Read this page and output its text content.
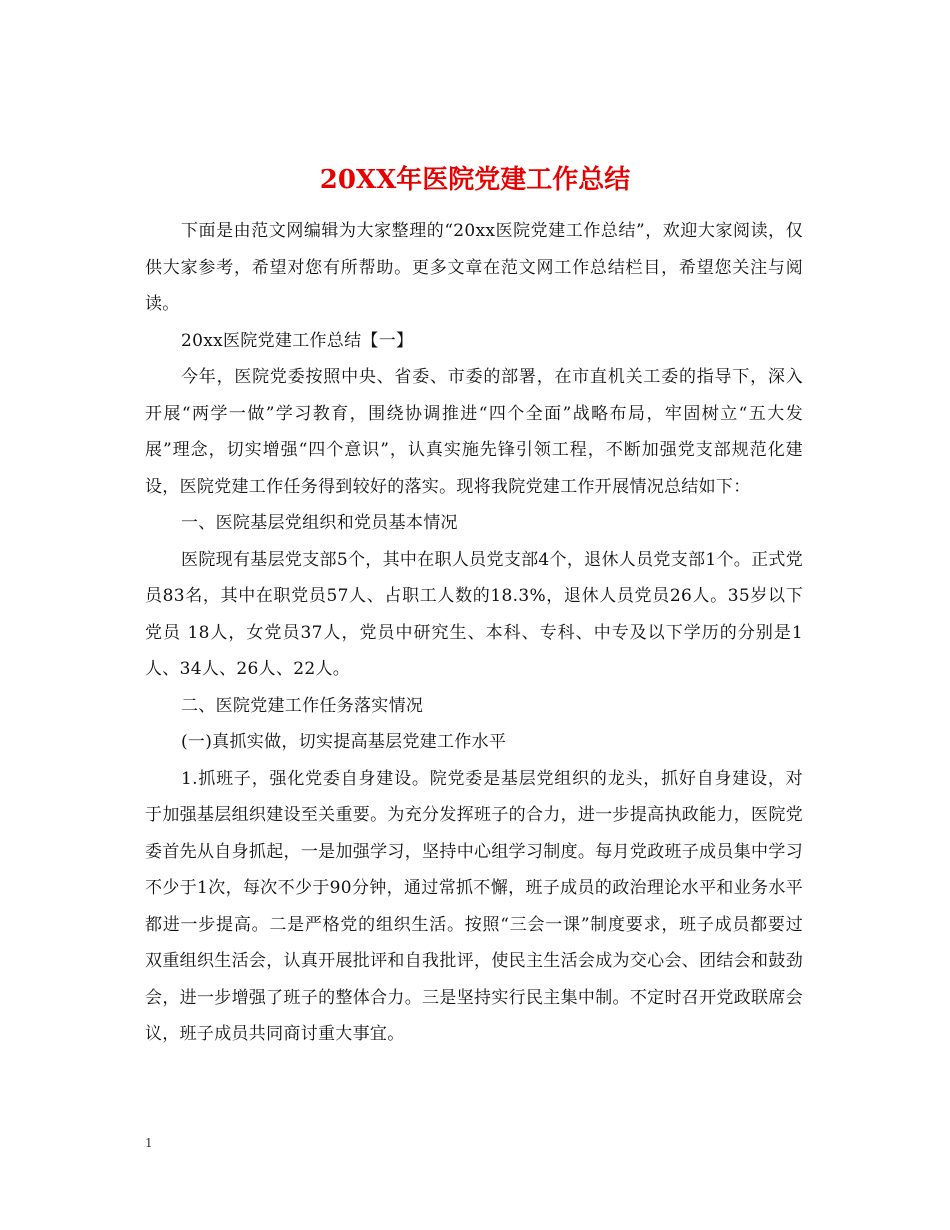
20XX年医院党建工作总结

下面是由范文网编辑为大家整理的“20xx医院党建工作总结”，欢迎大家阅读，仅供大家参考，希望对您有所帮助。更多文章在范文网工作总结栏目，希望您关注与阅读。

20xx医院党建工作总结【一】

今年，医院党委按照中央、省委、市委的部署，在市直机关工委的指导下，深入开展“两学一做”学习教育，围绕协调推进“四个全面”战略布局，牢固树立“五大发展”理念，切实增强“四个意识”，认真实施先锋引领工程，不断加强党支部规范化建设，医院党建工作任务得到较好的落实。现将我院党建工作开展情况总结如下：

一、医院基层党组织和党员基本情况

医院现有基层党支部5个，其中在职人员党支部4个，退休人员党支部1个。正式党员83名，其中在职党员57人、占职工人数的18.3%，退休人员党员26人。35岁以下党员 18人，女党员37人，党员中研究生、本科、专科、中专及以下学历的分别是1人、34人、26人、22人。

二、医院党建工作任务落实情况

(一)真抓实做，切实提高基层党建工作水平

1.抓班子，强化党委自身建设。院党委是基层党组织的龙头，抓好自身建设，对于加强基层组织建设至关重要。为充分发挥班子的合力，进一步提高执政能力，医院党委首先从自身抓起，一是加强学习，坚持中心组学习制度。每月党政班子成员集中学习不少于1次，每次不少于90分钟，通过常抓不懈，班子成员的政治理论水平和业务水平都进一步提高。二是严格党的组织生活。按照“三会一课”制度要求，班子成员都要过双重组织生活会，认真开展批评和自我批评，使民主生活会成为交心会、团结会和鼓劲会，进一步增强了班子的整体合力。三是坚持实行民主集中制。不定时召开党政联席会议，班子成员共同商讨重大事宜。

1
